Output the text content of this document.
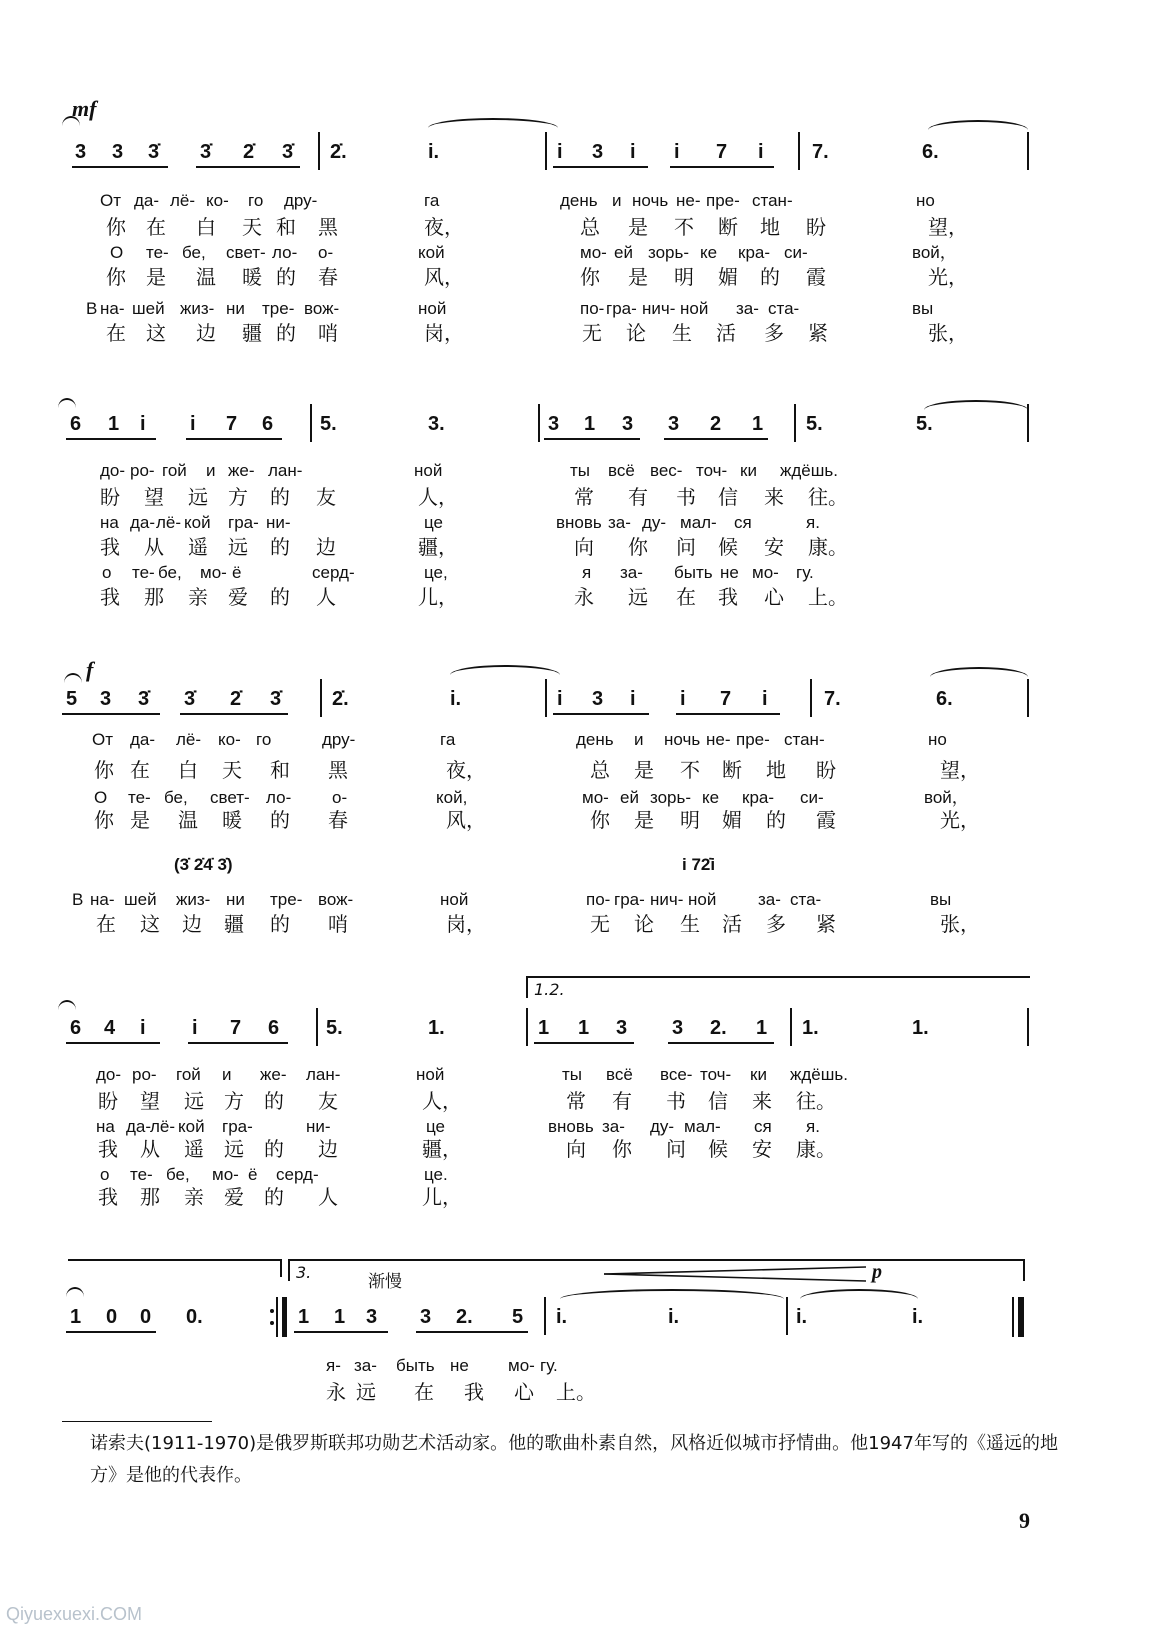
mf
3 3 3̇ 3̇ 2̇ 3̇ 2̇.	i.	i 3 i i 7 i 7.	6.
От да- лё- ко- го дру-	га	день и ночь не- пре- стан-	но
你 在 白 天 和 黑	夜，	总 是 不 断 地 盼	望，
О те- бе, свет- ло- о-	кой	мо- ей зорь- ке кра- си-	вой，
你 是 温 暖 的 春	风，	你 是 明 媚 的 霞	光，
В на- шей жиз- ни тре- вож-	ной	по- гра- нич- ной за- ста-	вы
在 这 边 疆 的 哨	岗，	无 论 生 活 多 紧	张，
6 1 i i 7 6 5.	3.	3 1 3 3 2 1 5.	5.
до- ро- гой и же- лан-	ной	ты всё вес- точ- ки ждёшь.
盼 望 远 方 的 友	人，	常 有 书 信 来 往。
на да- лё- кой гра- ни-	це	вновь за- ду- мал- ся	я.
我 从 遥 远 的 边	疆，	向 你 问 候 安 康。
о те- бе, мо- ё	серд-	це,	я за- быть не мо- гу.
我 那 亲 爱 的 人	儿，	永 远 在 我 心 上。
f
5 3 3̇ 3̇ 2̇ 3̇	2̇.	i.	i 3 i i 7 i	7.	6.
От да- лё- ко- го	дру-	га	день и ночь не- пре- стан-	но
你 在 白 天 和 黑	夜，	总 是 不 断 地 盼	望，
О те- бе, свет- ло- о-	кой,	мо- ей зорь- ке кра- си-	вой，
你 是 温 暖 的 春	风，	你 是 明 媚 的 霞	光，
(3̇ 2̇4̇ 3̇)	i 72̇i
В на- шей жиз- ни тре- вож-	ной	по- гра- нич- ной за- ста-	вы
在 这 边 疆 的 哨	岗，	无 论 生 活 多 紧	张，
1.2.
6 4 i i 7 6 5.	1.	1 1 3 3 2. 1 1.	1.
до- ро- гой и же- лан-	ной	ты всё все- точ- ки ждёшь.
盼 望 远 方 的 友	人，	常 有 书 信 来 往。
на да-
лё- кой гра-	ни-	це	вновь за- ду- мал- ся я.
我 从 遥 远 的 边	疆，	向 你 问 候 安 康。
о те- бе, мо- ё серд-	це.
我 那 亲 爱 的 人	儿，
3.	渐慢	p
1 0 0 0.	1 1 3 3 2. 5 i.	i.	i.	i.
я- за- быть не мо- гу.
永 远 在 我 心 上。
诺索夫(1911-1970)是俄罗斯联邦功勋艺术活动家。他的歌曲朴素自然，风格近似城市抒情曲。他1947年写的《遥远的地方》是他的代表作。
9
Qiyuexuexi.COM
